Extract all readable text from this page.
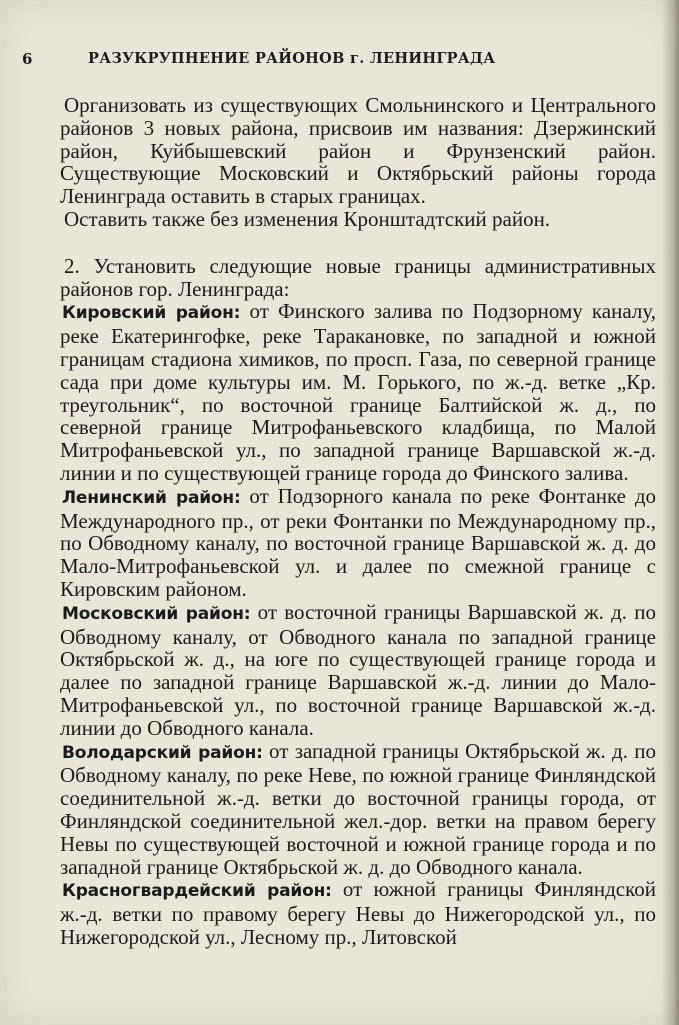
6	РАЗУКРУПНЕНИЕ РАЙОНОВ г. ЛЕНИНГРАДА

Организовать из существующих Смольнинского и Центрального районов 3 новых района, присвоив им названия: Дзержинский район, Куйбышевский район и Фрунзенский район. Существующие Московский и Октябрьский районы города Ленинграда оставить в старых границах.

Оставить также без изменения Кронштадтский район.

2. Установить следующие новые границы административных районов гор. Ленинграда:

Кировский район: от Финского залива по Подзорному каналу, реке Екатерингофке, реке Таракановке, по западной и южной границам стадиона химиков, по просп. Газа, по северной границе сада при доме культуры им. М. Горького, по ж.-д. ветке „Кр. треугольник“, по восточной границе Балтийской ж. д., по северной границе Митрофаньевского кладбища, по Малой Митрофаньевской ул., по западной границе Варшавской ж.-д. линии и по существующей границе города до Финского залива.

Ленинский район: от Подзорного канала по реке Фонтанке до Международного пр., от реки Фонтанки по Международному пр., по Обводному каналу, по восточной границе Варшавской ж. д. до Мало-Митрофаньевской ул. и далее по смежной границе с Кировским районом.

Московский район: от восточной границы Варшавской ж. д. по Обводному каналу, от Обводного канала по западной границе Октябрьской ж. д., на юге по существующей границе города и далее по западной границе Варшавской ж.-д. линии до Мало-Митрофаньевской ул., по восточной границе Варшавской ж.-д. линии до Обводного канала.

Володарский район: от западной границы Октябрьской ж. д. по Обводному каналу, по реке Неве, по южной границе Финляндской соединительной ж.-д. ветки до восточной границы города, от Финляндской соединительной жел.-дор. ветки на правом берегу Невы по существующей восточной и южной границе города и по западной границе Октябрьской ж. д. до Обводного канала.

Красногвардейский район: от южной границы Финляндской ж.-д. ветки по правому берегу Невы до Нижегородской ул., по Нижегородской ул., Лесному пр., Литовской
